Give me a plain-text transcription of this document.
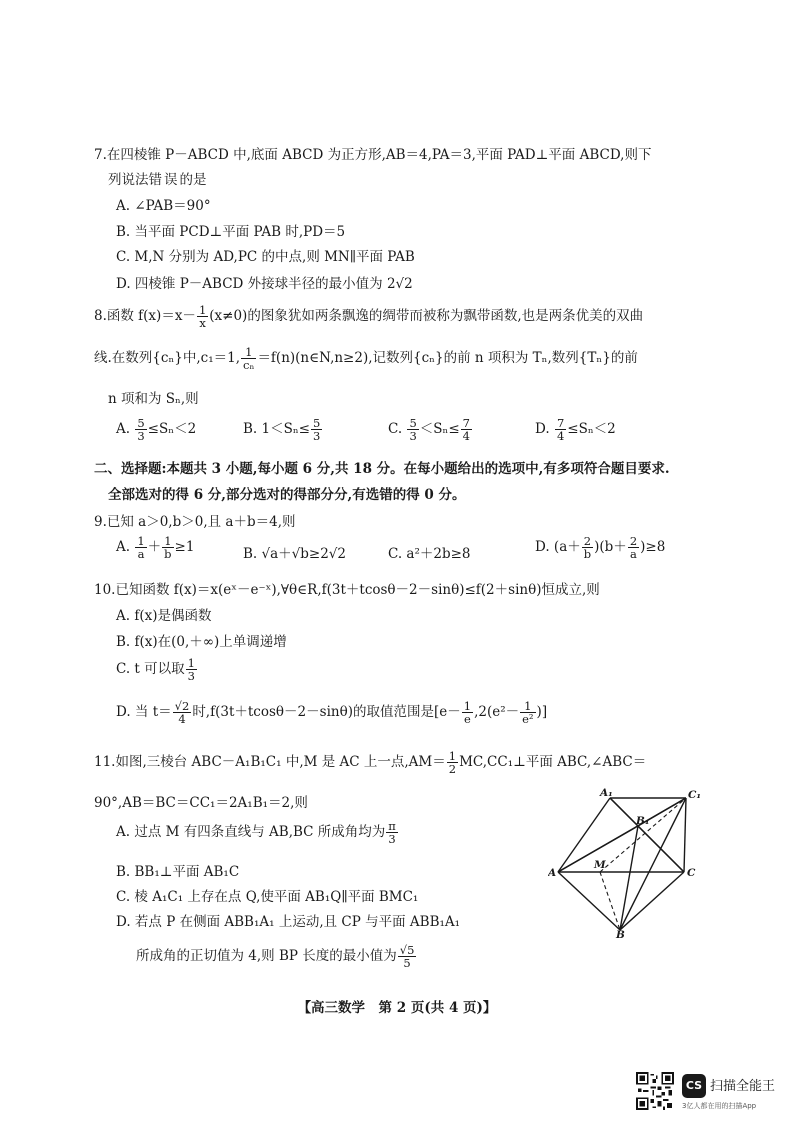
7.在四棱锥 P－ABCD 中,底面 ABCD 为正方形,AB＝4,PA＝3,平面 PAD⊥平面 ABCD,则下
列说法错误的是
A. ∠PAB＝90°
B. 当平面 PCD⊥平面 PAB 时,PD＝5
C. M,N 分别为 AD,PC 的中点,则 MN∥平面 PAB
D. 四棱锥 P－ABCD 外接球半径的最小值为 2√2
8.函数 $f(x)=x- \frac{1}{x} (x\ne 0)$的图象犹如两条飘逸的绸带而被称为飘带函数,也是两条优美的双曲
线.在数列{cₙ}中,c₁＝1, $\frac{1}{\text{cₙ}}$ ＝f(n)(n∈N,n≥2),记数列{cₙ}的前 n 项积为 Tₙ,数列{Tₙ}的前
n 项和为 Sₙ,则
A. $\frac{5}{3} \le S_n<2$	B. $1<S_n\le \frac{5}{3}$	C. $\frac{5}{3} <S_n\le \frac{7}{4}$	D. $\frac{7}{4} \le S_n<2$
二、选择题:本题共 3 小题,每小题 6 分,共 18 分。在每小题给出的选项中,有多项符合题目要求.
全部选对的得 6 分,部分选对的得部分分,有选错的得 0 分。
9.已知 a＞0,b＞0,且 a＋b＝4,则
A. $\frac{1}{a} + \frac{1}{b} \ge 1$	B. √a＋√b≥2√2	C. a²＋2b≥8	D. $(a+ \frac{2}{b} )(b+ \frac{2}{a} )\ge 8$
10.已知函数 f(x)＝x(eˣ－e⁻ˣ),∀θ∈R,f(3t＋tcosθ－2－sinθ)≤f(2＋sinθ)恒成立,则
A. f(x)是偶函数
B. f(x)在(0,＋∞)上单调递增
C. t 可以取 $\frac{1}{3}$
D. 当 $t= \frac{√2}{4}$ 时,f(3t＋tcosθ－2－sinθ)的取值范围是[$e- \frac{1}{e} ,2(e^2- \frac{1}{\text{e²}}$ )]
11.如图,三棱台 ABC－A₁B₁C₁ 中,M 是 AC 上一点$,AM= \frac{1}{2}$ MC,CC₁⊥平面 ABC,∠ABC＝
90°,AB＝BC＝CC₁＝2A₁B₁＝2,则
A. 过点 M 有四条直线与 AB,BC 所成角均为 $\frac{\pi}{3}$
B. BB₁⊥平面 AB₁C
C. 棱 A₁C₁ 上存在点 Q,使平面 AB₁Q∥平面 BMC₁
D. 若点 P 在侧面 ABB₁A₁ 上运动,且 CP 与平面 ABB₁A₁
所成角的正切值为 4,则 BP 长度的最小值为 $\frac{√5}{5}$
A₁	C₁
B₁
A	C
B
M
【高三数学　第 2 页(共 4 页)】
CS 扫描全能王
3亿人都在用的扫描App
